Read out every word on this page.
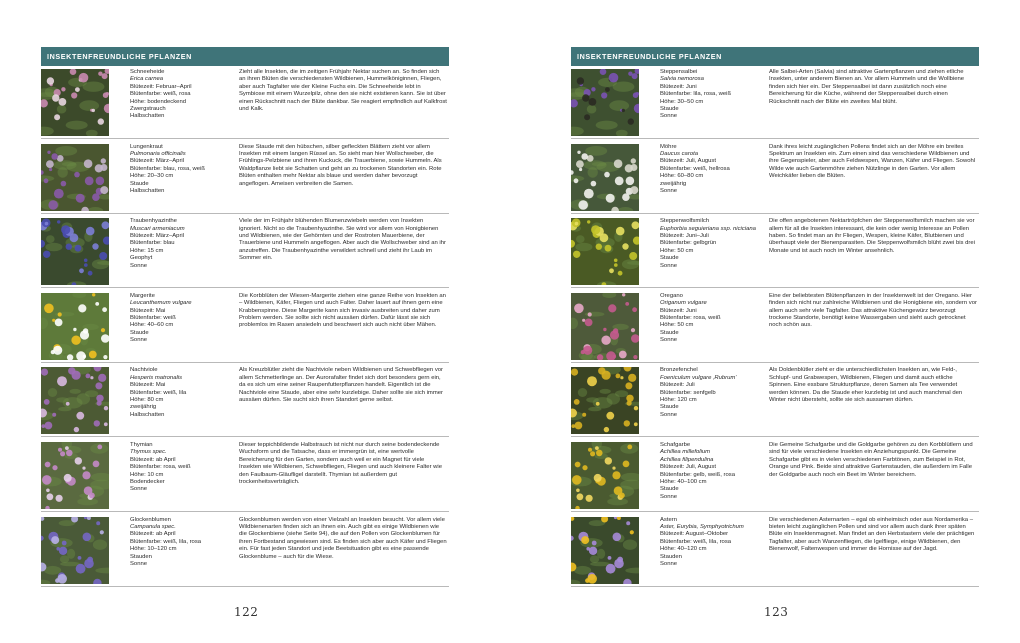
INSEKTENFREUNDLICHE PFLANZEN
Schneeheide
Erica carnea
Blütezeit: Februar–April
Blütenfarbe: weiß, rosa
Höhe: bodendeckend
Zwergstrauch
Halbschatten
Zieht alle Insekten, die im zeitigen Frühjahr Nektar suchen an. So finden sich an ihren Blüten die verschiedensten Wildbienen, Hummelköniginnen, Fliegen, aber auch Tagfalter wie der Kleine Fuchs ein. Die Schneeheide lebt in Symbiose mit einem Wurzelpilz, ohne den sie nicht existieren kann. Sie ist über einen Rückschnitt nach der Blüte dankbar. Sie reagiert empfindlich auf Kalkfrost und Kalk.
Lungenkraut
Pulmonaria officinalis
Blütezeit: März–April
Blütenfarbe: blau, rosa, weiß
Höhe: 20–30 cm
Staude
Halbschatten
Diese Staude mit den hübschen, silber gefleckten Blättern zieht vor allem Insekten mit einem langen Rüssel an. So sieht man hier Wollschweber, die Frühlings-Pelzbiene und ihren Kuckuck, die Trauerbiene, sowie Hummeln. Als Waldpflanze liebt sie Schatten und geht an zu trockenen Standorten ein. Rote Blüten enthalten mehr Nektar als blaue und werden daher bevorzugt angeflogen. Ameisen verbreiten die Samen.
Traubenhyazinthe
Muscari armeniacum
Blütezeit: März–April
Blütenfarbe: blau
Höhe: 15 cm
Geophyt
Sonne
Viele der im Frühjahr blühenden Blumenzwiebeln werden von Insekten ignoriert. Nicht so die Traubenhyazinthe. Sie wird vor allem von Honigbienen und Wildbienen, wie der Gehörnten und der Rostroten Mauerbiene, der Trauerbiene und Hummeln angeflogen. Aber auch die Wollschweber sind an ihr anzutreffen. Die Traubenhyazinthe verwildert schnell und zieht ihr Laub im Sommer ein.
Margerite
Leucanthemum vulgare
Blütezeit: Mai
Blütenfarbe: weiß
Höhe: 40–60 cm
Staude
Sonne
Die Korbblüten der Wiesen-Margerite ziehen eine ganze Reihe von Insekten an – Wildbienen, Käfer, Fliegen und auch Falter. Daher lauert auf ihnen gern eine Krabbenspinne. Diese Margerite kann sich invasiv ausbreiten und daher zum Problem werden. Sie sollte sich nicht aussäen dürfen. Dafür lässt sie sich problemlos im Rasen ansiedeln und beschwert sich auch nicht über Mähen.
Nachtviole
Hesperis matronalis
Blütezeit: Mai
Blütenfarbe: weiß, lila
Höhe: 80 cm
zweijährig
Halbschatten
Als Kreuzblütler zieht die Nachtviole neben Wildbienen und Schwebfliegen vor allem Schmetterlinge an. Der Aurorafalter findet sich dort besonders gern ein, da es sich um eine seiner Raupenfutterpflanzen handelt. Eigentlich ist die Nachtviole eine Staude, aber eine sehr kurzlebige. Daher sollte sie sich immer aussäen dürfen. Sie sucht sich ihren Standort gerne selbst.
Thymian
Thymus spec.
Blütezeit: ab April
Blütenfarbe: rosa, weiß
Höhe: 10 cm
Bodendecker
Sonne
Dieser teppichbildende Halbstrauch ist nicht nur durch seine bodendeckende Wuchsform und die Tatsache, dass er immergrün ist, eine wertvolle Bereicherung für den Garten, sondern auch weil er ein Magnet für viele Insekten wie Wildbienen, Schwebfliegen, Fliegen und auch kleinere Falter wie den Faulbaum-Gläufligel darstellt. Thymian ist außerdem gut trockenheitsverträglich.
Glockenblumen
Campanula spec.
Blütezeit: ab April
Blütenfarbe: weiß, lila, rosa
Höhe: 10–120 cm
Stauden
Sonne
Glockenblumen werden von einer Vielzahl an Insekten besucht. Vor allem viele Wildbienenarten finden sich an ihnen ein. Auch gibt es einige Wildbienen wie die Glockenbiene (siehe Seite 94), die auf den Pollen von Glockenblumen für ihren Fortbestand angewiesen sind. Es finden sich aber auch Käfer und Fliegen ein. Für fast jeden Standort und jede Beetsituation gibt es eine passende Glockenblume – auch für die Wiese.
122
INSEKTENFREUNDLICHE PFLANZEN
Steppensalbei
Salvia nemorosa
Blütezeit: Juni
Blütenfarbe: lila, rosa, weiß
Höhe: 30–50 cm
Staude
Sonne
Alle Salbei-Arten (Salvia) sind attraktive Gartenpflanzen und ziehen etliche Insekten, unter anderem Bienen an. Vor allem Hummeln und die Wollbiene finden sich hier ein. Der Steppensalbei ist dann zusätzlich noch eine Bereicherung für die Küche, während der Steppensalbei durch einen Rückschnitt nach der Blüte ein zweites Mal blüht.
Möhre
Daucus carota
Blütezeit: Juli, August
Blütenfarbe: weiß, hellrosa
Höhe: 60–80 cm
zweijährig
Sonne
Dank ihres leicht zugänglichen Pollens findet sich an der Möhre ein breites Spektrum an Insekten ein. Zum einen sind das verschiedene Wildbienen und ihre Gegenspieler, aber auch Feldwespen, Wanzen, Käfer und Fliegen. Sowohl Wilde wie auch Gartenmöhre ziehen Nützlinge in den Garten. Vor allem Weichkäfer lieben die Blüten.
Steppenwolfsmilch
Euphorbia seguieriana ssp. niciciana
Blütezeit: Juni–Juli
Blütenfarbe: gelbgrün
Höhe: 50 cm
Staude
Sonne
Die offen angebotenen Nektartröpfchen der Steppenwolfsmilch machen sie vor allem für all die Insekten interessant, die kein oder wenig Interesse an Pollen haben. So findet man an ihr Fliegen, Wespen, kleine Käfer, Blutbienen und überhaupt viele der Bienenparasiten. Die Steppenwolfsmilch blüht zwei bis drei Monate und ist auch noch im Winter ansehnlich.
Oregano
Origanum vulgare
Blütezeit: Juni
Blütenfarbe: rosa, weiß
Höhe: 50 cm
Staude
Sonne
Eine der beliebtesten Blütenpflanzen in der Insektenwelt ist der Oregano. Hier finden sich nicht nur zahlreiche Wildbienen und die Honigbiene ein, sondern vor allem auch sehr viele Tagfalter. Das attraktive Küchengewürz bevorzugt trockene Standorte, benötigt keine Wassergaben und sieht auch getrocknet noch schön aus.
Bronzefenchel
Foeniculum vulgare ‚Rubrum‘
Blütezeit: Juli
Blütenfarbe: senfgelb
Höhe: 120 cm
Staude
Sonne
Als Doldenblütler zieht er die unterschiedlichsten Insekten an, wie Feld-, Schlupf- und Grabwespen, Wildbienen, Fliegen und damit auch etliche Spinnen. Eine essbare Strukturpflanze, deren Samen als Tee verwendet werden können. Da die Staude eher kurzlebig ist und auch manchmal den Winter nicht übersteht, sollte sie sich aussamen dürfen.
Schafgarbe
Achillea millefolium
Achillea filipendulina
Blütezeit: Juli, August
Blütenfarbe: gelb, weiß, rosa
Höhe: 40–100 cm
Staude
Sonne
Die Gemeine Schafgarbe und die Goldgarbe gehören zu den Korbblütlern und sind für viele verschiedene Insekten ein Anziehungspunkt. Die Gemeine Schafgarbe gibt es in vielen verschiedenen Farbtönen, zum Beispiel in Rot, Orange und Pink. Beide sind attraktive Gartenstauden, die außerdem im Falle der Goldgarbe auch noch ein Beet im Winter bereichern.
Astern
Aster, Eurybia, Symphyotrichum
Blütezeit: August–Oktober
Blütenfarbe: weiß, lila, rosa
Höhe: 40–120 cm
Stauden
Sonne
Die verschiedenen Asternarten – egal ob einheimisch oder aus Nordamerika – bieten leicht zugänglichen Pollen und sind vor allem auch dank ihrer späten Blüte ein Insektenmagnet. Man findet an den Herbstastern viele der prächtigen Tagfalter, aber auch Wanzenfliegen, die Igelfliege, einige Wildbienen, den Bienenwolf, Faltenwespen und immer die Hornisse auf der Jagd.
123
